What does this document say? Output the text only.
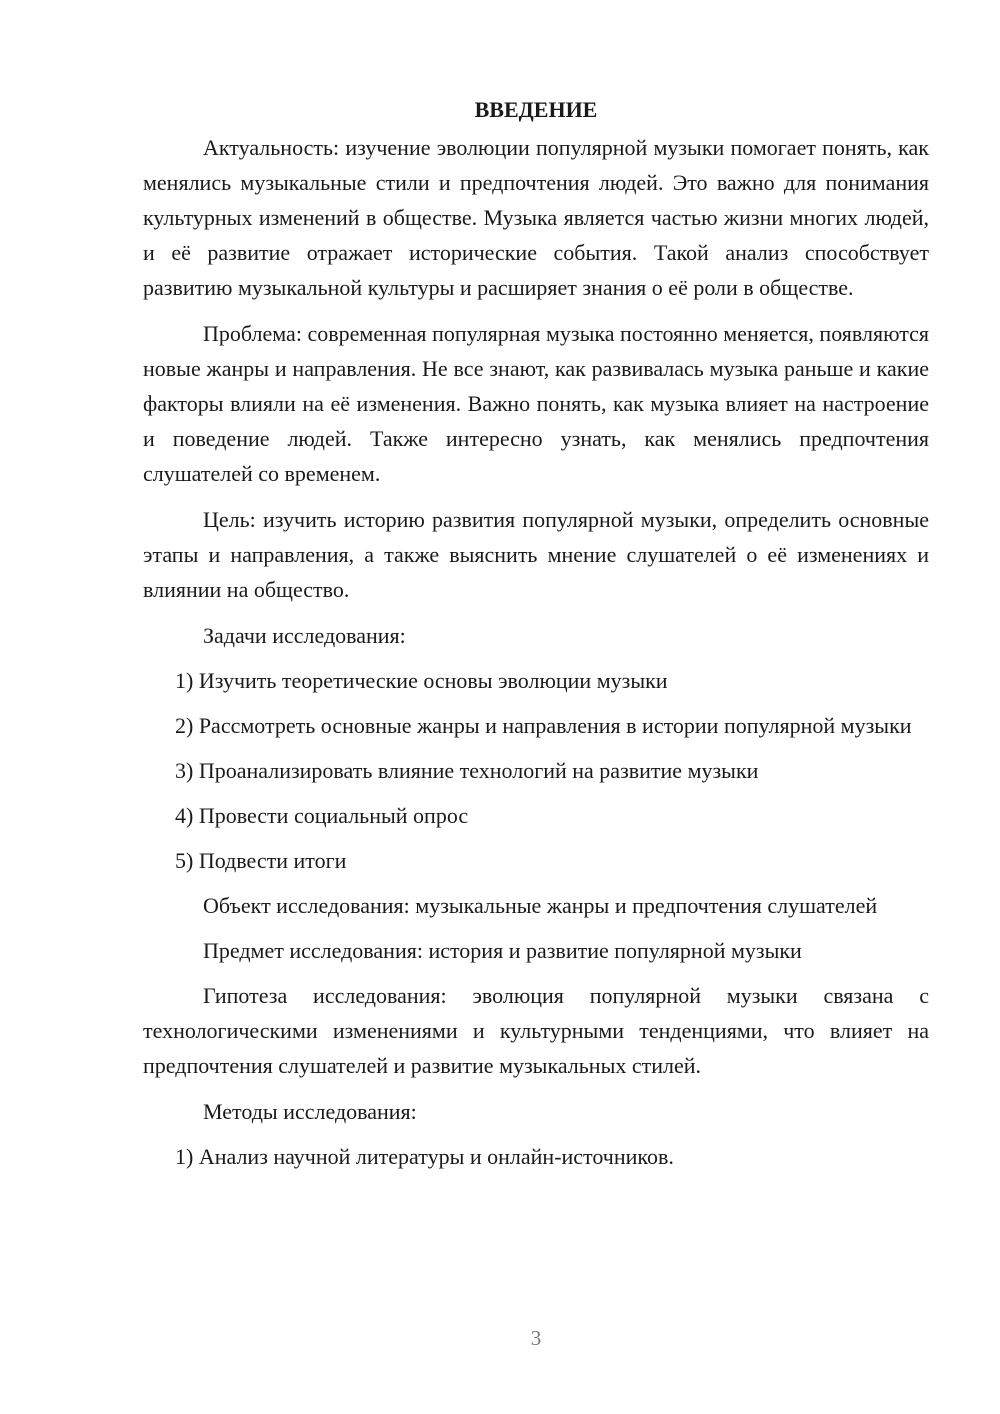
ВВЕДЕНИЕ

Актуальность: изучение эволюции популярной музыки помогает понять, как менялись музыкальные стили и предпочтения людей. Это важно для понимания культурных изменений в обществе. Музыка является частью жизни многих людей, и её развитие отражает исторические события. Такой анализ способствует развитию музыкальной культуры и расширяет знания о её роли в обществе.

Проблема: современная популярная музыка постоянно меняется, появляются новые жанры и направления. Не все знают, как развивалась музыка раньше и какие факторы влияли на её изменения. Важно понять, как музыка влияет на настроение и поведение людей. Также интересно узнать, как менялись предпочтения слушателей со временем.

Цель: изучить историю развития популярной музыки, определить основные этапы и направления, а также выяснить мнение слушателей о её изменениях и влиянии на общество.

Задачи исследования:

1) Изучить теоретические основы эволюции музыки

2) Рассмотреть основные жанры и направления в истории популярной музыки

3) Проанализировать влияние технологий на развитие музыки

4) Провести социальный опрос

5) Подвести итоги

Объект исследования: музыкальные жанры и предпочтения слушателей

Предмет исследования: история и развитие популярной музыки

Гипотеза исследования: эволюция популярной музыки связана с технологическими изменениями и культурными тенденциями, что влияет на предпочтения слушателей и развитие музыкальных стилей.

Методы исследования:

1) Анализ научной литературы и онлайн-источников.

3
